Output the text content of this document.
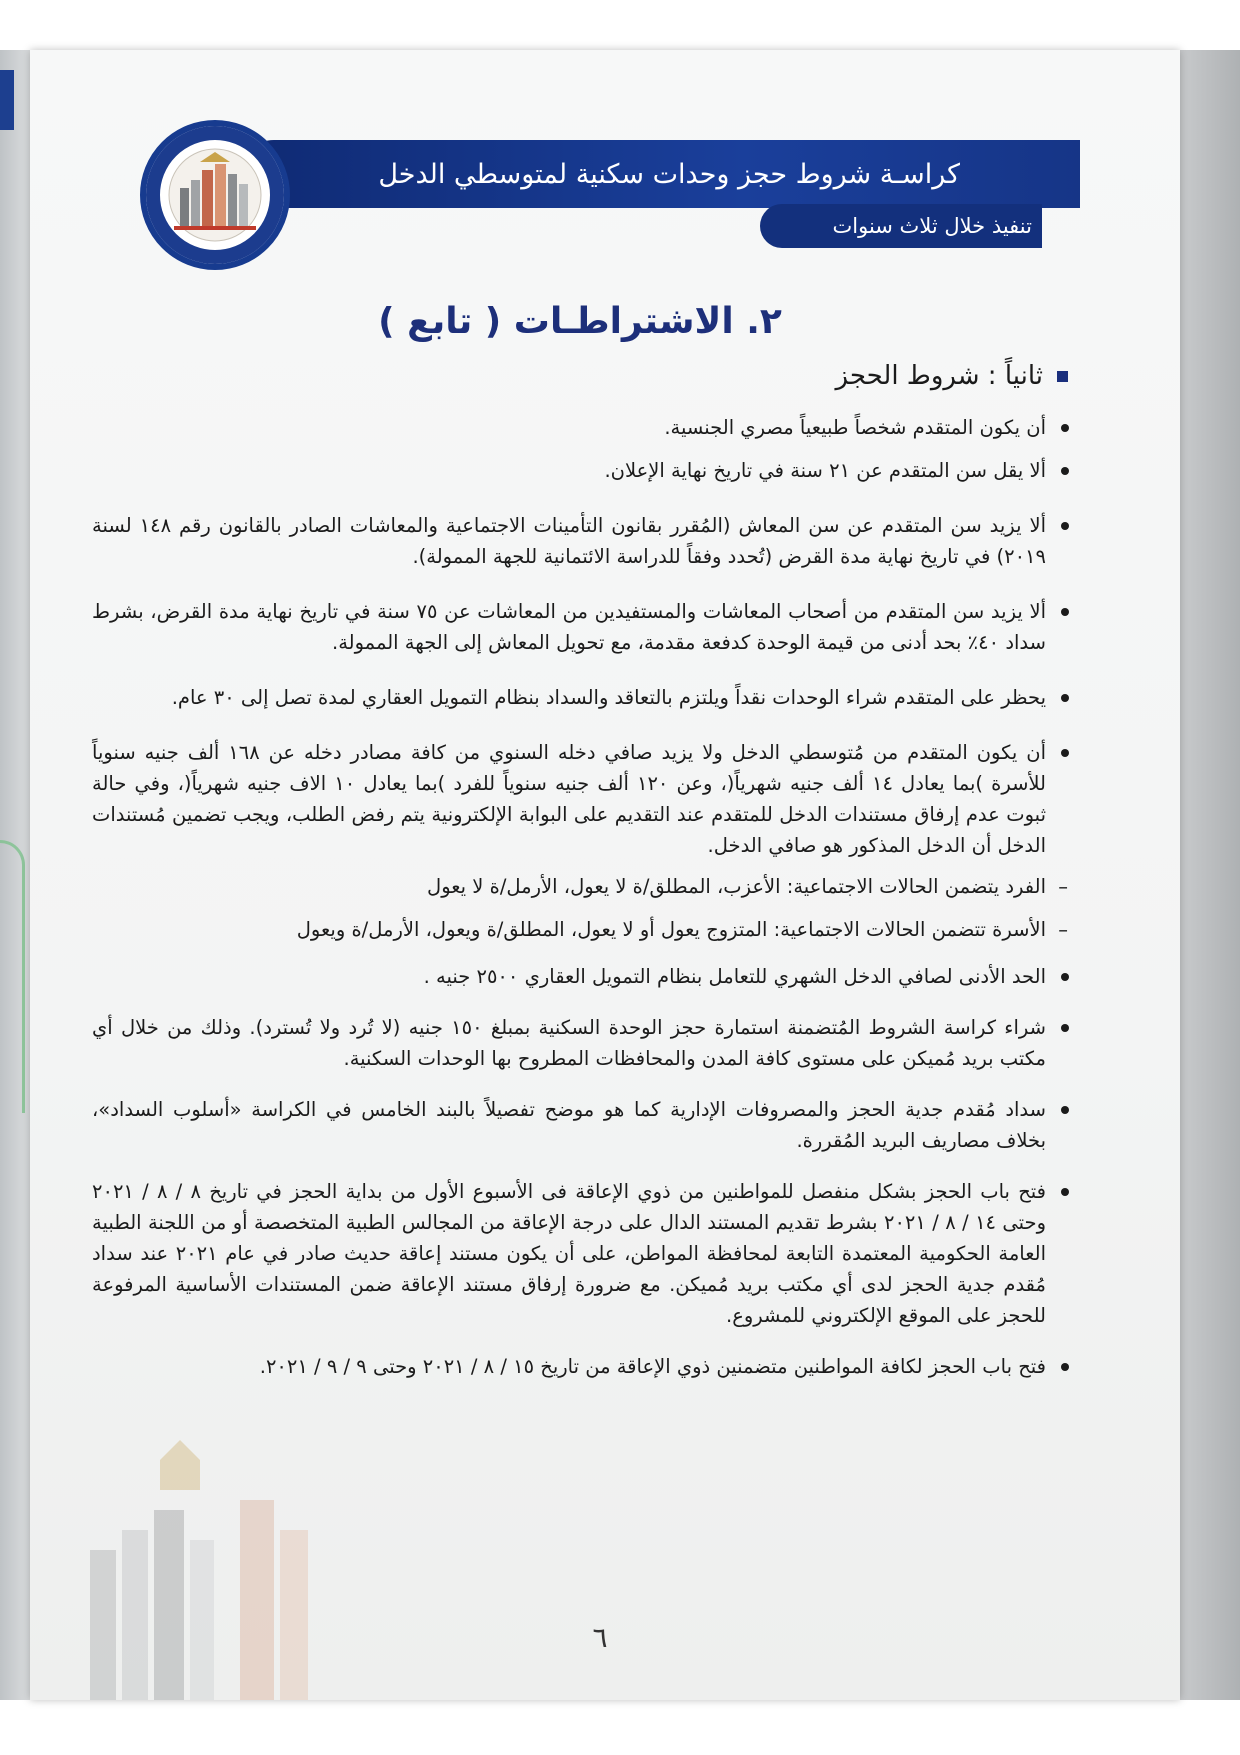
كراسـة شروط حجز وحدات سكنية لمتوسطي الدخل
تنفيذ خلال ثلاث سنوات
٢. الاشتراطـات ( تابع )
ثانياً : شروط الحجز
أن يكون المتقدم شخصاً طبيعياً مصري الجنسية.
ألا يقل سن المتقدم عن ٢١ سنة في تاريخ نهاية الإعلان.
ألا يزيد سن المتقدم عن سن المعاش (المُقرر بقانون التأمينات الاجتماعية والمعاشات الصادر بالقانون رقم ١٤٨ لسنة ٢٠١٩) في تاريخ نهاية مدة القرض (تُحدد وفقاً للدراسة الائتمانية للجهة الممولة).
ألا يزيد سن المتقدم من أصحاب المعاشات والمستفيدين من المعاشات عن ٧٥ سنة في تاريخ نهاية مدة القرض، بشرط سداد ٤٠٪ بحد أدنى من قيمة الوحدة كدفعة مقدمة، مع تحويل المعاش إلى الجهة الممولة.
يحظر على المتقدم شراء الوحدات نقداً ويلتزم بالتعاقد والسداد بنظام التمويل العقاري لمدة تصل إلى ٣٠ عام.
أن يكون المتقدم من مُتوسطي الدخل ولا يزيد صافي دخله السنوي من كافة مصادر دخله عن ١٦٨ ألف جنيه سنوياً للأسرة )بما يعادل ١٤ ألف جنيه شهرياً(، وعن ١٢٠ ألف جنيه سنوياً للفرد )بما يعادل ١٠ الاف جنيه شهرياً(، وفي حالة ثبوت عدم إرفاق مستندات الدخل للمتقدم عند التقديم على البوابة الإلكترونية يتم رفض الطلب، ويجب تضمين مُستندات الدخل أن الدخل المذكور هو صافي الدخل.
– الفرد يتضمن الحالات الاجتماعية: الأعزب، المطلق/ة لا يعول، الأرمل/ة لا يعول
– الأسرة تتضمن الحالات الاجتماعية: المتزوج يعول أو لا يعول، المطلق/ة ويعول، الأرمل/ة ويعول
الحد الأدنى لصافي الدخل الشهري للتعامل بنظام التمويل العقاري ٢٥٠٠ جنيه .
شراء كراسة الشروط المُتضمنة استمارة حجز الوحدة السكنية بمبلغ ١٥٠ جنيه (لا تُرد ولا تُسترد). وذلك من خلال أي مكتب بريد مُميكن على مستوى كافة المدن والمحافظات المطروح بها الوحدات السكنية.
سداد مُقدم جدية الحجز والمصروفات الإدارية كما هو موضح تفصيلاً بالبند الخامس في الكراسة «أسلوب السداد»، بخلاف مصاريف البريد المُقررة.
فتح باب الحجز بشكل منفصل للمواطنين من ذوي الإعاقة فى الأسبوع الأول من بداية الحجز في تاريخ ٨ / ٨ / ٢٠٢١ وحتى ١٤ / ٨ / ٢٠٢١ بشرط تقديم المستند الدال على درجة الإعاقة من المجالس الطبية المتخصصة أو من اللجنة الطبية العامة الحكومية المعتمدة التابعة لمحافظة المواطن، على أن يكون مستند إعاقة حديث صادر في عام ٢٠٢١ عند سداد مُقدم جدية الحجز لدى أي مكتب بريد مُميكن. مع ضرورة إرفاق مستند الإعاقة ضمن المستندات الأساسية المرفوعة للحجز على الموقع الإلكتروني للمشروع.
فتح باب الحجز لكافة المواطنين متضمنين ذوي الإعاقة من تاريخ ١٥ / ٨ / ٢٠٢١ وحتى ٩ / ٩ / ٢٠٢١.
٦
